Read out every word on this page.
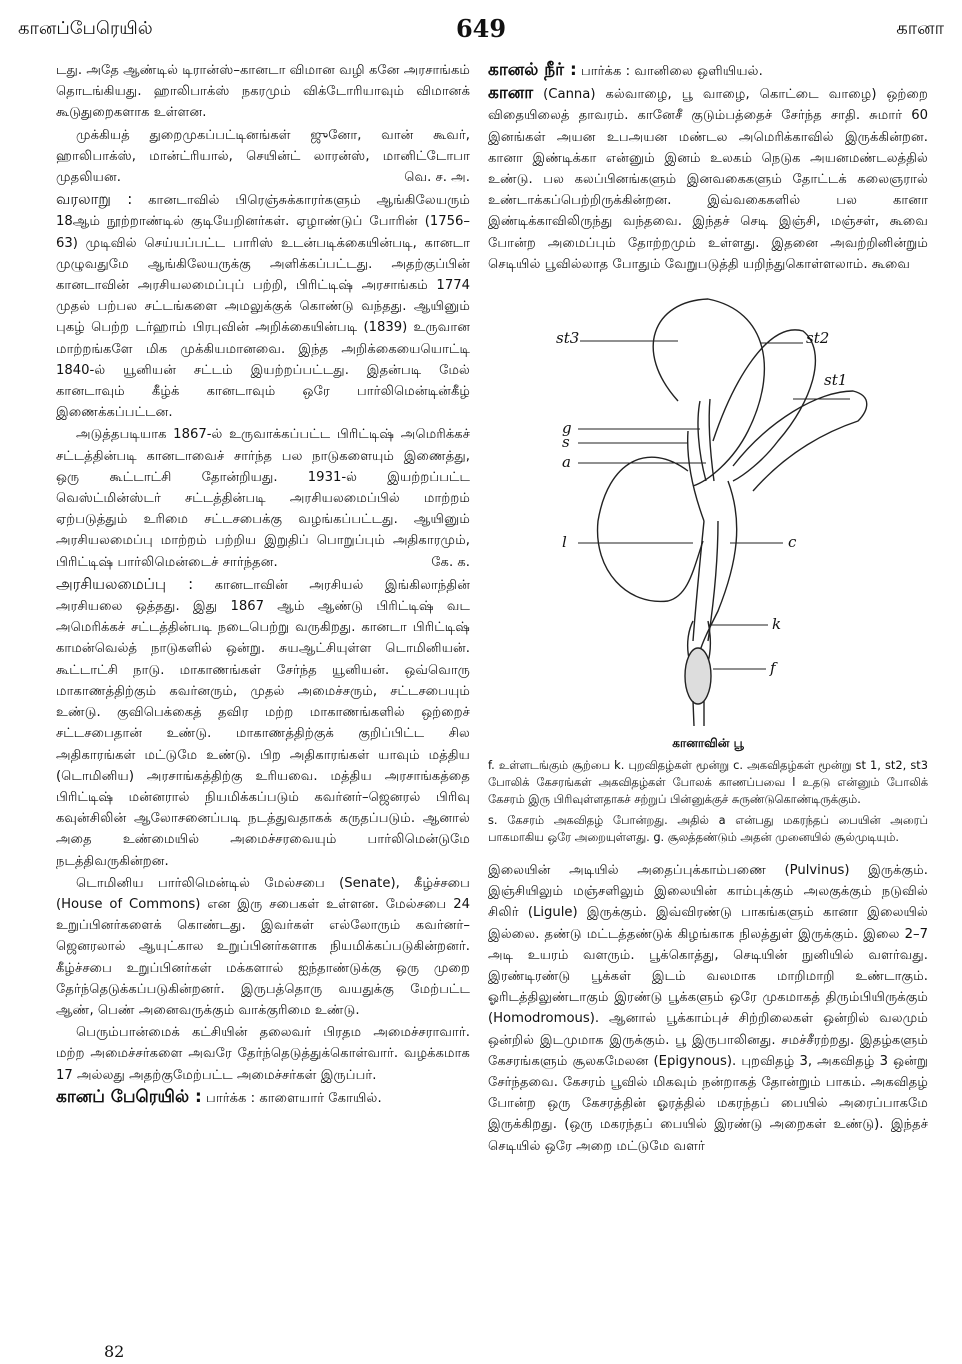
கானப்பேரெயில்	649	கானா

டது. அதே ஆண்டில் டிரான்ஸ்–கானடா விமான வழி கனே அரசாங்கம் தொடங்கியது. ஹாலிபாக்ஸ் நகரமும் விக்டோரியாவும் விமானக் கூடுதுறைகளாக உள்ளன.

முக்கியத் துறைமுகப்பட்டினங்கள் ஜுனோ, வான் கூவர், ஹாலிபாக்ஸ், மான்ட்ரியால், செயின்ட் லாரன்ஸ், மானிட்டோபா முதலியன.	வெ. ச. அ.

வரலாறு : கானடாவில் பிரெஞ்சுக்காரர்களும் ஆங்கிலேயரும் 18ஆம் நூற்றாண்டில் குடியேறினர்கள். ஏழாண்டுப் போரின் (1756–63) முடிவில் செய்யப்பட்ட பாரிஸ் உடன்படிக்கையின்படி, கானடா முழுவதுமே ஆங்கிலேயருக்கு அளிக்கப்பட்டது. அதற்குப்பின் கானடாவின் அரசியலமைப்புப் பற்றி, பிரிட்டிஷ் அரசாங்கம் 1774 முதல் பற்பல சட்டங்களை அமலுக்குக் கொண்டு வந்தது. ஆயினும் புகழ் பெற்ற டர்ஹாம் பிரபுவின் அறிக்கையின்படி (1839) உருவான மாற்றங்களே மிக முக்கியமானவை. இந்த அறிக்கையையொட்டி 1840-ல் யூனியன் சட்டம் இயற்றப்பட்டது. இதன்படி மேல் கானடாவும் கீழ்க் கானடாவும் ஒரே பார்லிமென்டின்கீழ் இணைக்கப்பட்டன.

அடுத்தபடியாக 1867-ல் உருவாக்கப்பட்ட பிரிட்டிஷ் அமெரிக்கச் சட்டத்தின்படி கானடாவைச் சார்ந்த பல நாடுகளையும் இணைத்து, ஒரு கூட்டாட்சி தோன்றியது. 1931-ல் இயற்றப்பட்ட வெஸ்ட்மின்ஸ்டர் சட்டத்தின்படி அரசியலமைப்பில் மாற்றம் ஏற்படுத்தும் உரிமை சட்டசபைக்கு வழங்கப்பட்டது. ஆயினும் அரசியலமைப்பு மாற்றம் பற்றிய இறுதிப் பொறுப்பும் அதிகாரமும், பிரிட்டிஷ் பார்லிமென்டைச் சார்ந்தன.	கே. க.

அரசியலமைப்பு : கானடாவின் அரசியல் இங்கிலாந்தின் அரசியலை ஒத்தது. இது 1867 ஆம் ஆண்டு பிரிட்டிஷ் வட அமெரிக்கச் சட்டத்தின்படி நடைபெற்று வருகிறது. கானடா பிரிட்டிஷ் காமன்வெல்த் நாடுகளில் ஒன்று. சுயஆட்சியுள்ள டொமினியன். கூட்டாட்சி நாடு. மாகாணங்கள் சேர்ந்த யூனியன். ஒவ்வொரு மாகாணத்திற்கும் கவர்னரும், முதல் அமைச்சரும், சட்டசபையும் உண்டு. குவிபெக்கைத் தவிர மற்ற மாகாணங்களில் ஒற்றைச் சட்டசபைதான் உண்டு. மாகாணத்திற்குக் குறிப்பிட்ட சில அதிகாரங்கள் மட்டுமே உண்டு. பிற அதிகாரங்கள் யாவும் மத்திய (டொமினிய) அரசாங்கத்திற்கு உரியவை. மத்திய அரசாங்கத்தை பிரிட்டிஷ் மன்னரால் நியமிக்கப்படும் கவர்னர்–ஜெனரல் பிரிவு கவுன்சிலின் ஆலோசனைப்படி நடத்துவதாகக் கருதப்படும். ஆனால் அதை உண்மையில் அமைச்சரவையும் பார்லிமென்டுமே நடத்திவருகின்றன.

டொமினிய பார்லிமென்டில் மேல்சபை (Senate), கீழ்ச்சபை (House of Commons) என இரு சபைகள் உள்ளன. மேல்சபை 24 உறுப்பினர்களைக் கொண்டது. இவர்கள் எல்லோரும் கவர்னர்–ஜெனரலால் ஆயுட்கால உறுப்பினர்களாக நியமிக்கப்படுகின்றனர். கீழ்ச்சபை உறுப்பினர்கள் மக்களால் ஐந்தாண்டுக்கு ஒரு முறை தேர்ந்தெடுக்கப்படுகின்றனர். இருபத்தொரு வயதுக்கு மேற்பட்ட ஆண், பெண் அனைவருக்கும் வாக்குரிமை உண்டு.

பெரும்பான்மைக் கட்சியின் தலைவர் பிரதம அமைச்சராவார். மற்ற அமைச்சர்களை அவரே தேர்ந்தெடுத்துக்கொள்வார். வழக்கமாக 17 அல்லது அதற்குமேற்பட்ட அமைச்சர்கள் இருப்பர்.

கானப் பேரெயில் : பார்க்க : காளையார் கோயில்.

கானல் நீர் : பார்க்க : வானிலை ஒளியியல்.

கானா (Canna) கல்வாழை, பூ வாழை, கொட்டை வாழை) ஒற்றை விதையிலைத் தாவரம். கானேசீ குடும்பத்தைச் சேர்ந்த சாதி. சுமார் 60 இனங்கள் அயன உபஅயன மண்டல அமெரிக்காவில் இருக்கின்றன. கானா இண்டிக்கா என்னும் இனம் உலகம் நெடுக அயனமண்டலத்தில் உண்டு. பல கலப்பினங்களும் இனவகைகளும் தோட்டக் கலைஞரால் உண்டாக்கப்பெற்றிருக்கின்றன. இவ்வகைகளில் பல கானா இண்டிக்காவிலிருந்து வந்தவை. இந்தச் செடி இஞ்சி, மஞ்சள், கூவை போன்ற அமைப்பும் தோற்றமும் உள்ளது. இதனை அவற்றினின்றும் செடியில் பூவில்லாத போதும் வேறுபடுத்தி யறிந்துகொள்ளலாம். கூவை

st3	st2
st1
g
s
a
l	c
k
f
கானாவின் பூ

f. உள்ளடங்கும் சூற்பை k. புறவிதழ்கள் மூன்று c. அகவிதழ்கள் மூன்று st 1, st2, st3 போலிக் கேசரங்கள் அகவிதழ்கள் போலக் காணப்பவை l உதடு என்னும் போலிக் கேசரம் இரு பிரிவுள்ளதாகச் சற்றுப் பின்னுக்குச் சுருண்டுகொண்டிருக்கும்.

s. கேசரம் அகவிதழ் போன்றது. அதில் a என்பது மகரந்தப் பையின் அரைப் பாகமாகிய ஒரே அறையுள்ளது. g. சூலத்தண்டும் அதன் முனையில் சூல்முடியும்.

இலையின் அடியில் அதைப்புக்காம்பணை (Pulvinus) இருக்கும். இஞ்சியிலும் மஞ்சளிலும் இலையின் காம்புக்கும் அலகுக்கும் நடுவில் சிலிர் (Ligule) இருக்கும். இவ்விரண்டு பாகங்களும் கானா இலையில் இல்லை. தண்டு மட்டத்தண்டுக் கிழங்காக நிலத்துள் இருக்கும். இலை 2–7 அடி உயரம் வளரும். பூக்கொத்து, செடியின் நுனியில் வளர்வது. இரண்டிரண்டு பூக்கள் இடம் வலமாக மாறிமாறி உண்டாகும். ஓரிடத்திலுண்டாகும் இரண்டு பூக்களும் ஒரே முகமாகத் திரும்பியிருக்கும் (Homodromous). ஆனால் பூக்காம்புச் சிற்றிலைகள் ஒன்றில் வலமும் ஒன்றில் இடமுமாக இருக்கும். பூ இருபாலினது. சமச்சீரற்றது. இதழ்களும் கேசரங்களும் சூலகமேலன (Epigynous). புறவிதழ் 3, அகவிதழ் 3 ஒன்று சேர்ந்தவை. கேசரம் பூவில் மிகவும் நன்றாகத் தோன்றும் பாகம். அகவிதழ் போன்ற ஒரு கேசரத்தின் ஓரத்தில் மகரந்தப் பையில் அரைப்பாகமே இருக்கிறது. (ஒரு மகரந்தப் பையில் இரண்டு அறைகள் உண்டு). இந்தச் செடியில் ஒரே அறை மட்டுமே வளர்

82
